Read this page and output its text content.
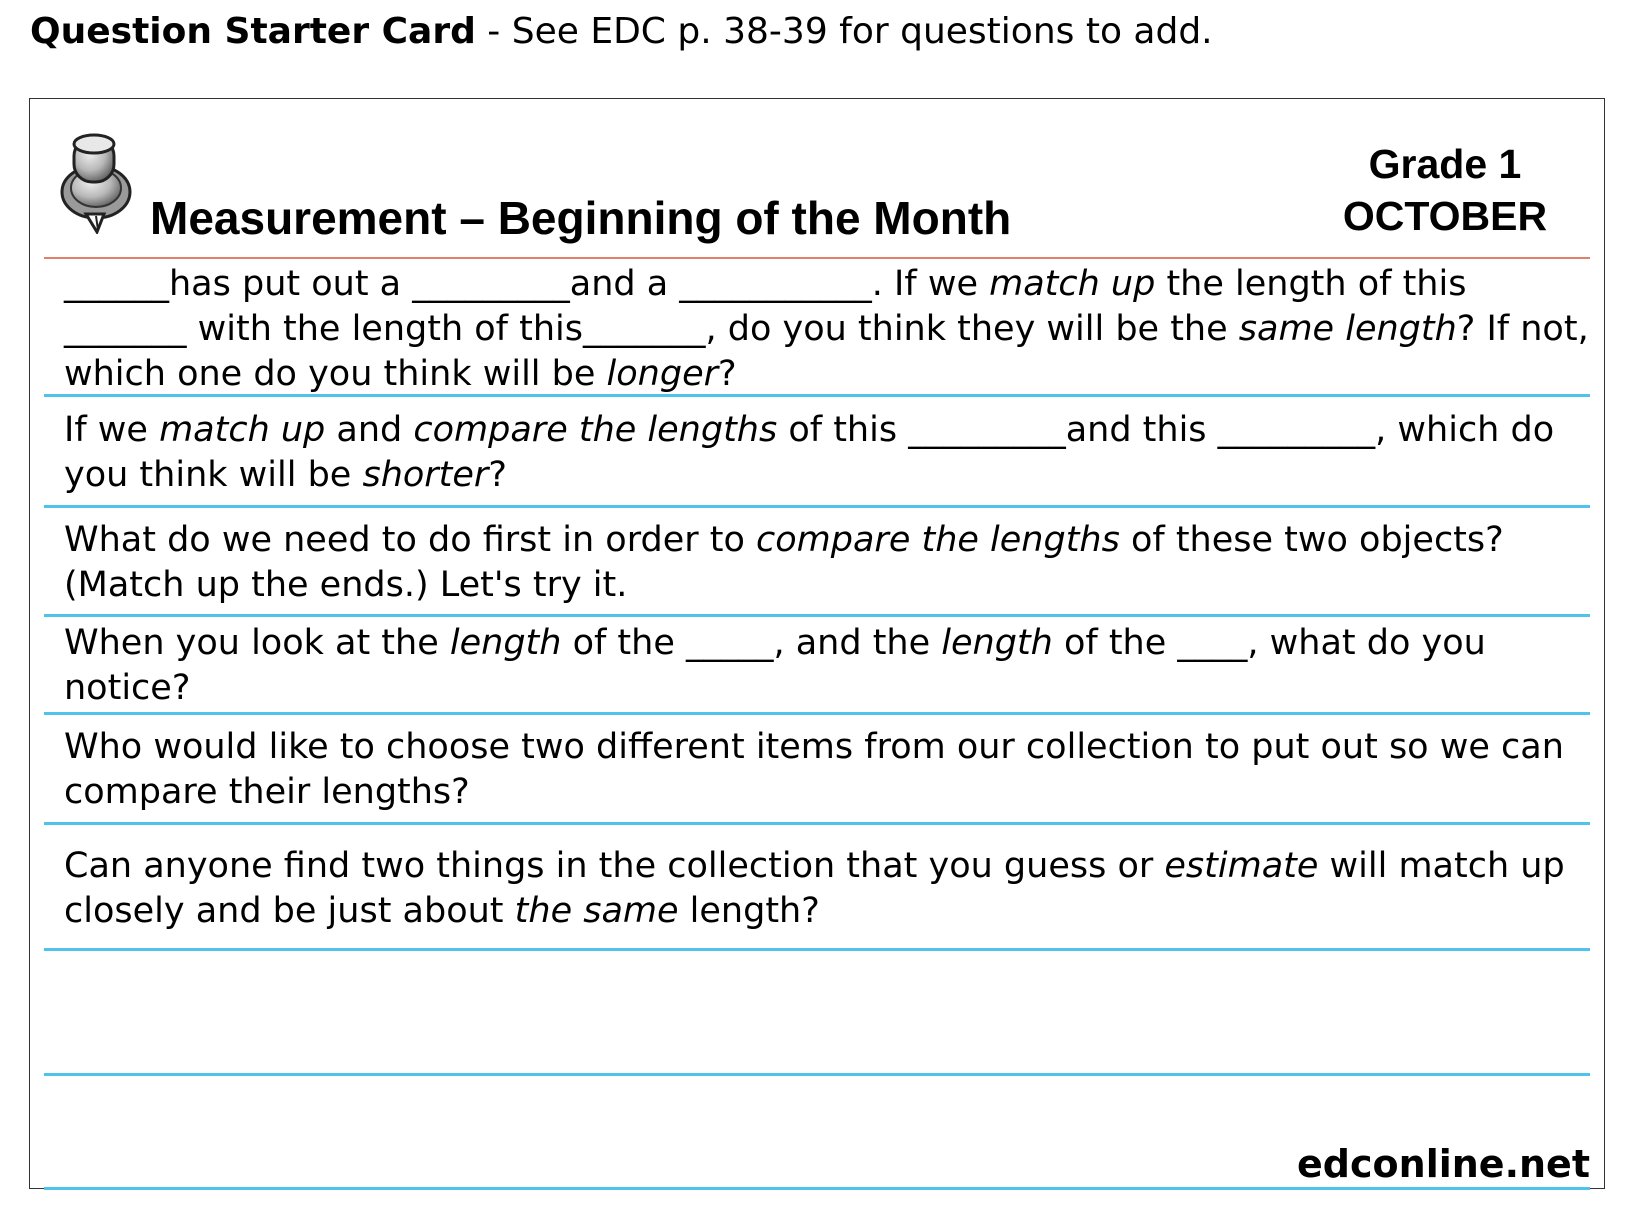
Question Starter Card - See EDC p. 38-39 for questions to add.
Measurement – Beginning of the Month
Grade 1
OCTOBER
______has put out a _________and a ___________. If we match up the length of this _______ with the length of this_______, do you think they will be the same length? If not, which one do you think will be longer?
If we match up and compare the lengths of this _________and this _________, which do you think will be shorter?
What do we need to do first in order to compare the lengths of these two objects? (Match up the ends.) Let's try it.
When you look at the length of the _____, and the length of the ____, what do you notice?
Who would like to choose two different items from our collection to put out so we can compare their lengths?
Can anyone find two things in the collection that you guess or estimate will match up closely and be just about the same length?
edconline.net
